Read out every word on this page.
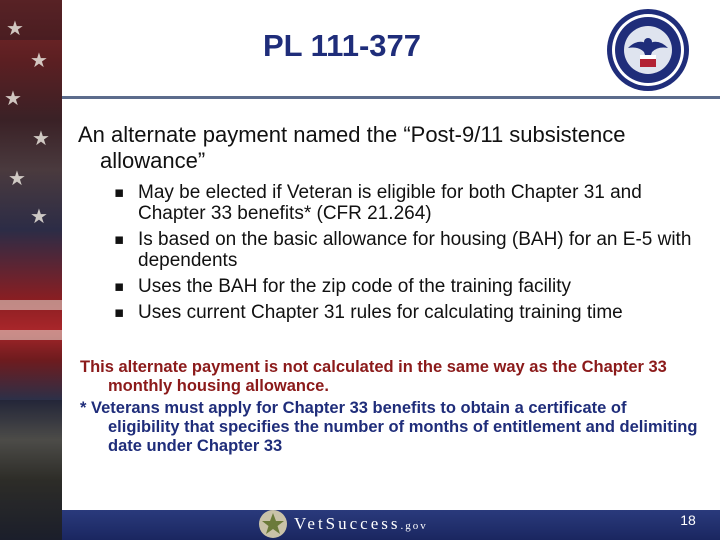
★
★
★
★
★
★
PL 111-377

An alternate payment named the “Post-9/11 subsistence allowance”

▪ May be elected if Veteran is eligible for both Chapter 31 and Chapter 33 benefits* (CFR 21.264)
▪ Is based on the basic allowance for housing (BAH) for an E-5 with dependents
▪ Uses the BAH for the zip code of the training facility
▪ Uses current Chapter 31 rules for calculating training time

This alternate payment is not calculated in the same way as the Chapter 33 monthly housing allowance.

* Veterans must apply for Chapter 33 benefits to obtain a certificate of eligibility that specifies the number of months of entitlement and delimiting date under Chapter 33

VetSuccess.gov	18
